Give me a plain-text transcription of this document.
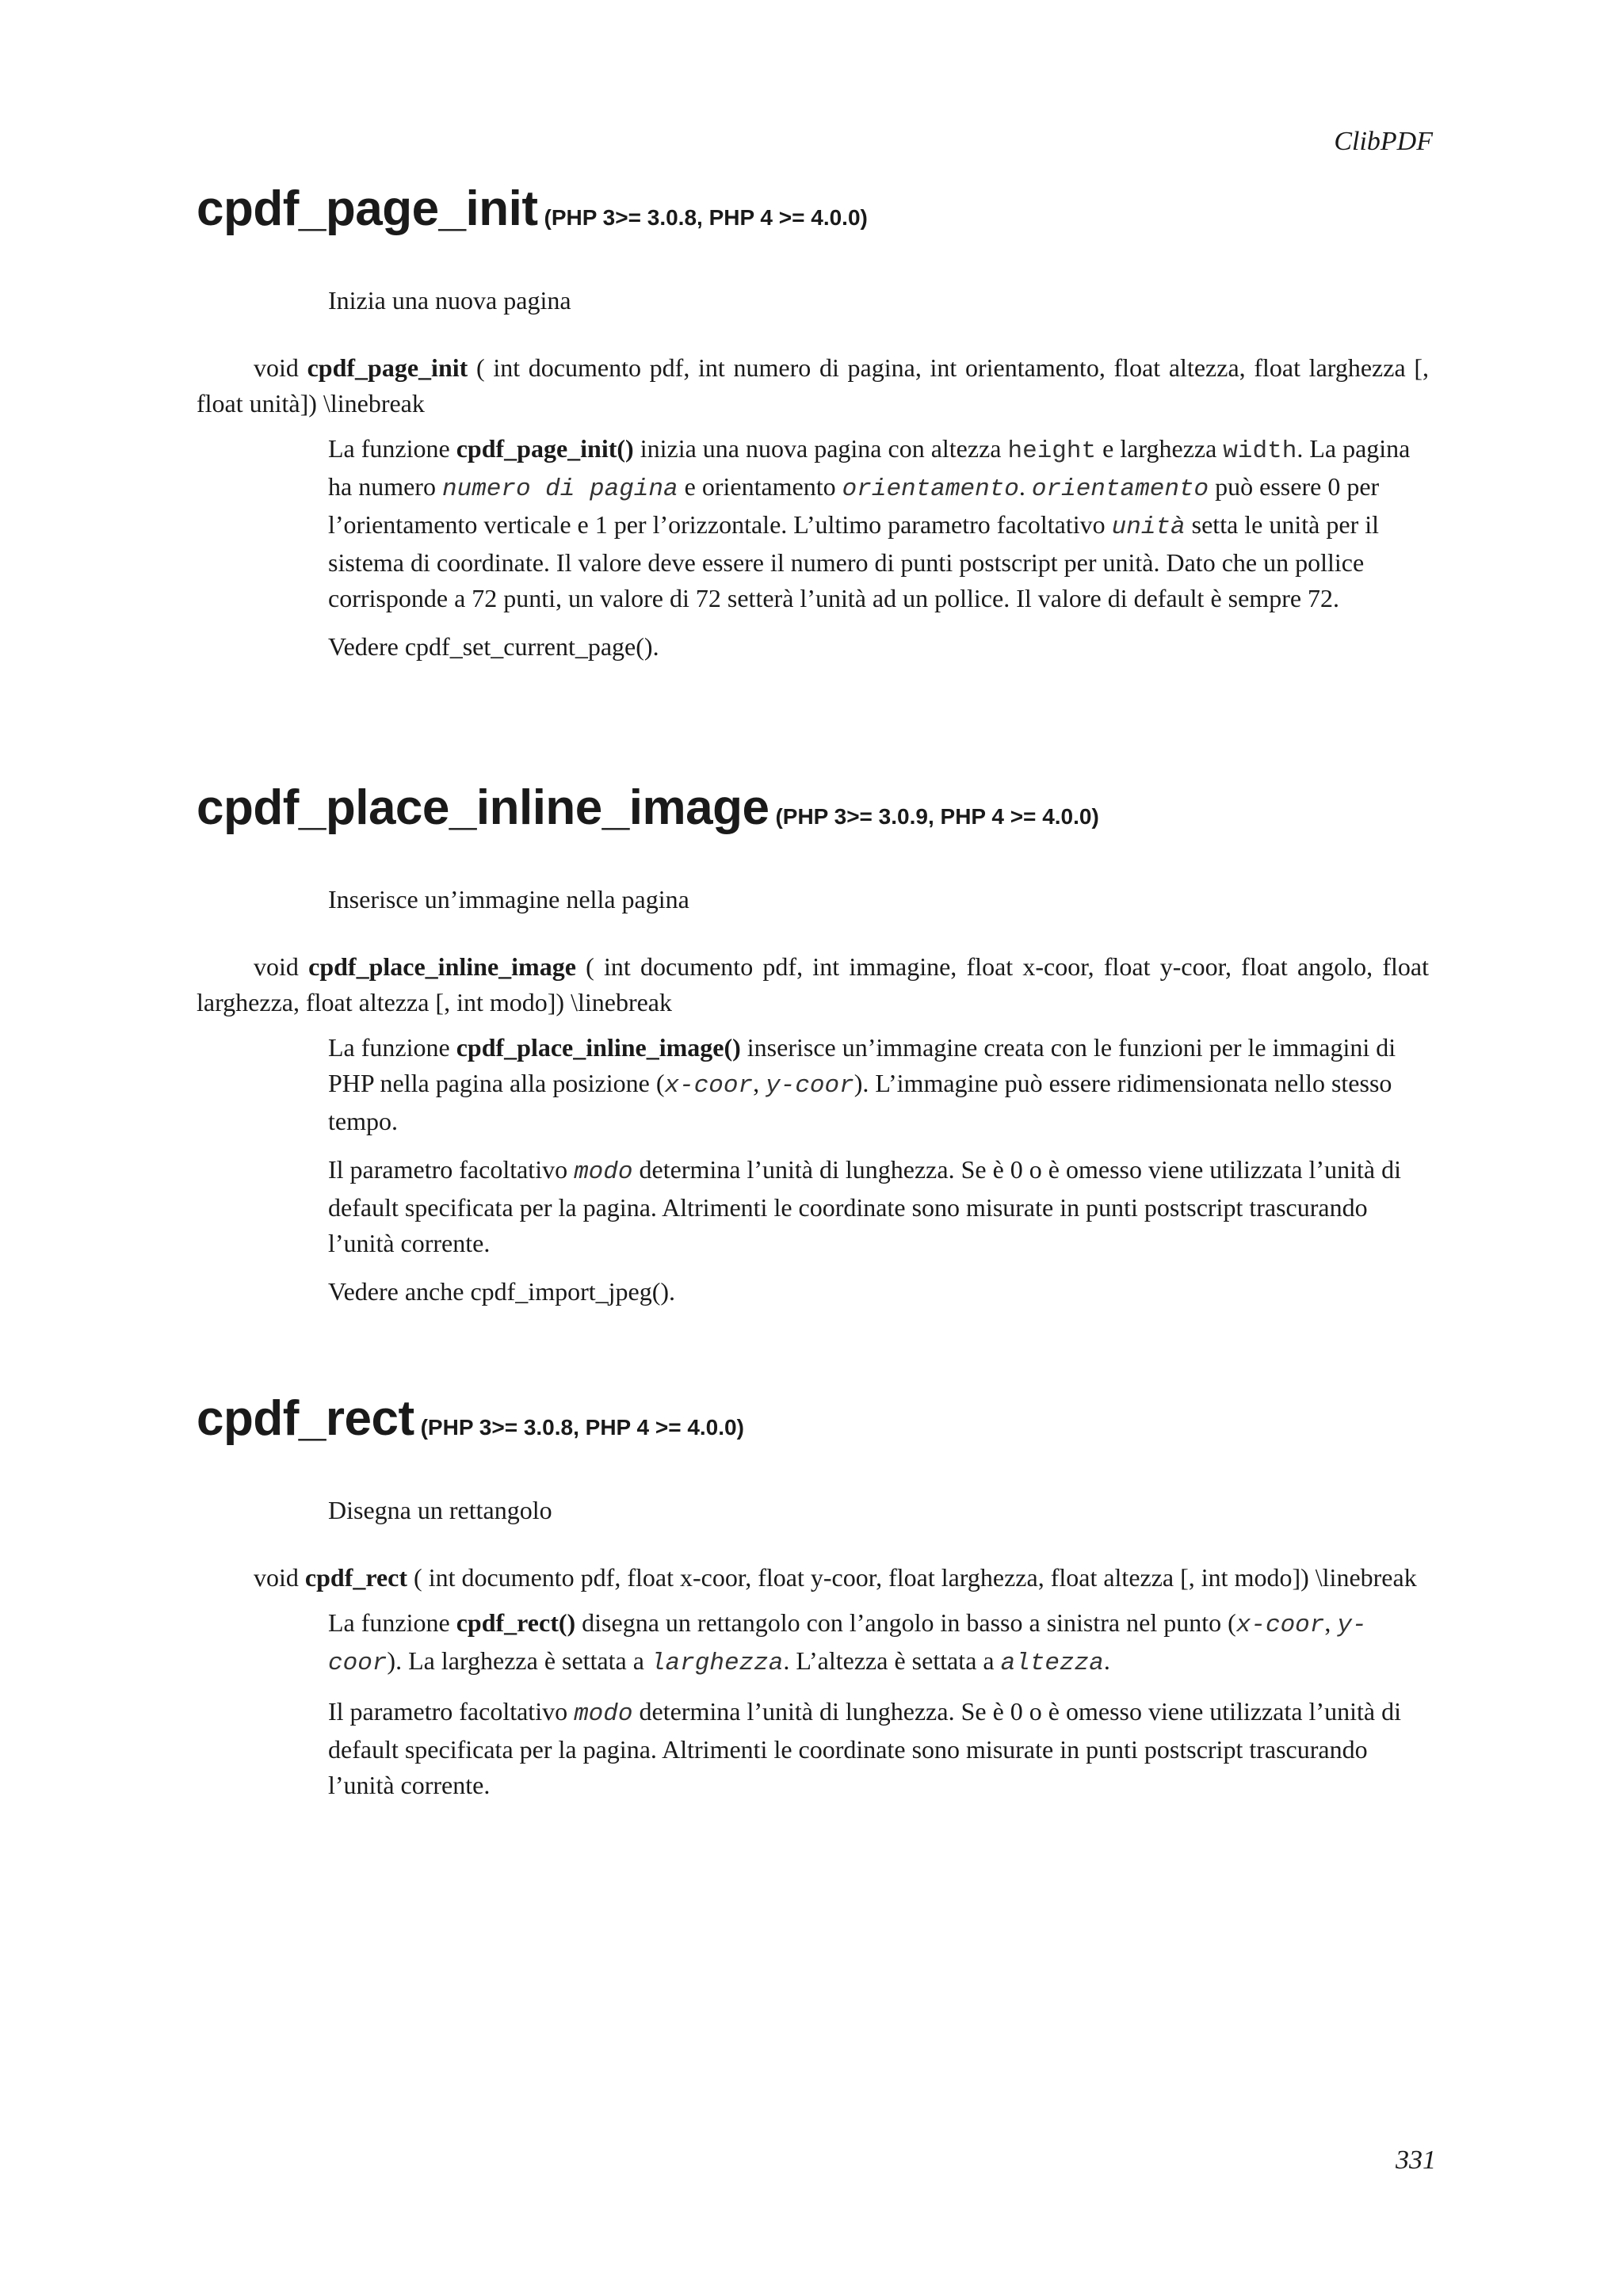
ClibPDF
cpdf_page_init (PHP 3>= 3.0.8, PHP 4 >= 4.0.0)
Inizia una nuova pagina
void cpdf_page_init ( int documento pdf, int numero di pagina, int orientamento, float altezza, float larghezza [, float unità]) \linebreak

La funzione cpdf_page_init() inizia una nuova pagina con altezza height e larghezza width. La pagina ha numero numero di pagina e orientamento orientamento. orientamento può essere 0 per l’orientamento verticale e 1 per l’orizzontale. L’ultimo parametro facoltativo unità setta le unità per il sistema di coordinate. Il valore deve essere il numero di punti postscript per unità. Dato che un pollice corrisponde a 72 punti, un valore di 72 setterà l’unità ad un pollice. Il valore di default è sempre 72.

Vedere cpdf_set_current_page().

cpdf_place_inline_image (PHP 3>= 3.0.9, PHP 4 >= 4.0.0)
Inserisce un’immagine nella pagina
void cpdf_place_inline_image ( int documento pdf, int immagine, float x-coor, float y-coor, float angolo, float larghezza, float altezza [, int modo]) \linebreak

La funzione cpdf_place_inline_image() inserisce un’immagine creata con le funzioni per le immagini di PHP nella pagina alla posizione (x-coor, y-coor). L’immagine può essere ridimensionata nello stesso tempo.

Il parametro facoltativo modo determina l’unità di lunghezza. Se è 0 o è omesso viene utilizzata l’unità di default specificata per la pagina. Altrimenti le coordinate sono misurate in punti postscript trascurando l’unità corrente.

Vedere anche cpdf_import_jpeg().

cpdf_rect (PHP 3>= 3.0.8, PHP 4 >= 4.0.0)
Disegna un rettangolo
void cpdf_rect ( int documento pdf, float x-coor, float y-coor, float larghezza, float altezza [, int modo]) \linebreak

La funzione cpdf_rect() disegna un rettangolo con l’angolo in basso a sinistra nel punto (x-coor, y-coor). La larghezza è settata a larghezza. L’altezza è settata a altezza.

Il parametro facoltativo modo determina l’unità di lunghezza. Se è 0 o è omesso viene utilizzata l’unità di default specificata per la pagina. Altrimenti le coordinate sono misurate in punti postscript trascurando l’unità corrente.

331
